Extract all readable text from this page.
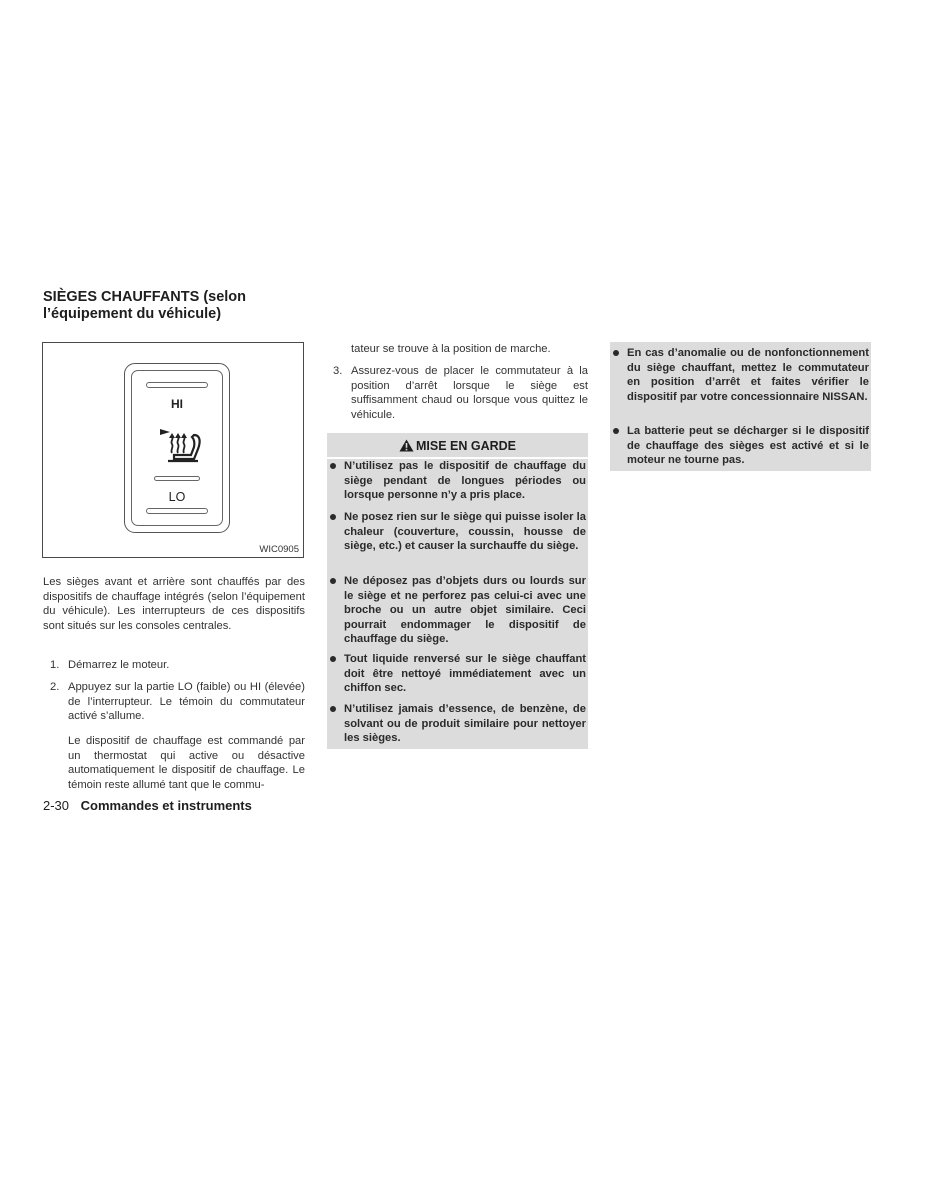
SIÈGES CHAUFFANTS (selon
l’équipement du véhicule)
HI
LO
WIC0905

Les sièges avant et arrière sont chauffés par des dispositifs de chauffage intégrés (selon l’équipement du véhicule). Les interrupteurs de ces dispositifs sont situés sur les consoles centrales.

1. Démarrez le moteur.
2. Appuyez sur la partie LO (faible) ou HI (élevée) de l’interrupteur. Le témoin du commutateur activé s’allume.

Le dispositif de chauffage est commandé par un thermostat qui active ou désactive automatiquement le dispositif de chauffage. Le témoin reste allumé tant que le commu-

tateur se trouve à la position de marche.

3. Assurez-vous de placer le commutateur à la position d’arrêt lorsque le siège est suffisamment chaud ou lorsque vous quittez le véhicule.
MISE EN GARDE
N’utilisez pas le dispositif de chauffage du siège pendant de longues périodes ou lorsque personne n’y a pris place.
Ne posez rien sur le siège qui puisse isoler la chaleur (couverture, coussin, housse de siège, etc.) et causer la surchauffe du siège.
Ne déposez pas d’objets durs ou lourds sur le siège et ne perforez pas celui-ci avec une broche ou un autre objet similaire. Ceci pourrait endommager le dispositif de chauffage du siège.
Tout liquide renversé sur le siège chauffant doit être nettoyé immédiatement avec un chiffon sec.
N’utilisez jamais d’essence, de benzène, de solvant ou de produit similaire pour nettoyer les sièges.
En cas d’anomalie ou de nonfonctionnement du siège chauffant, mettez le commutateur en position d’arrêt et faites vérifier le dispositif par votre concessionnaire NISSAN.
La batterie peut se décharger si le dispositif de chauffage des sièges est activé et si le moteur ne tourne pas.
2-30 Commandes et instruments
